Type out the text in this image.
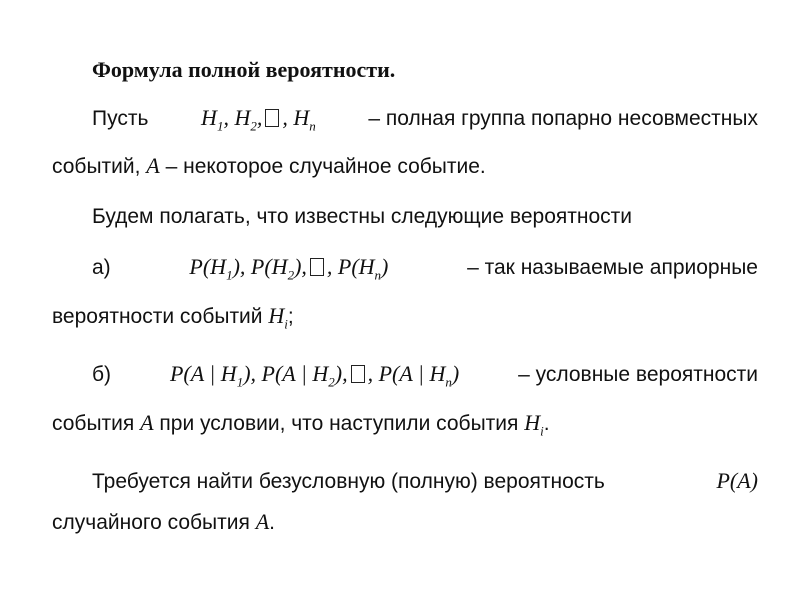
Формула полной вероятности.
Пусть $H_1$, $H_2$, , $H_n$	– полная группа попарно несовместных
событий, A – некоторое случайное событие.
Будем полагать, что известны следующие вероятности
а)	$P(H_1)$, $P(H_2)$, , $P(H_n)$	– так называемые априорные
вероятности событий $H_i$;
б)	P(A | $H_1$), P(A | $H_2$), , P(A | $H_n$)	– условные вероятности
события A при условии, что наступили события $H_i$.
Требуется найти безусловную (полную) вероятность	P(A)
случайного события A.
